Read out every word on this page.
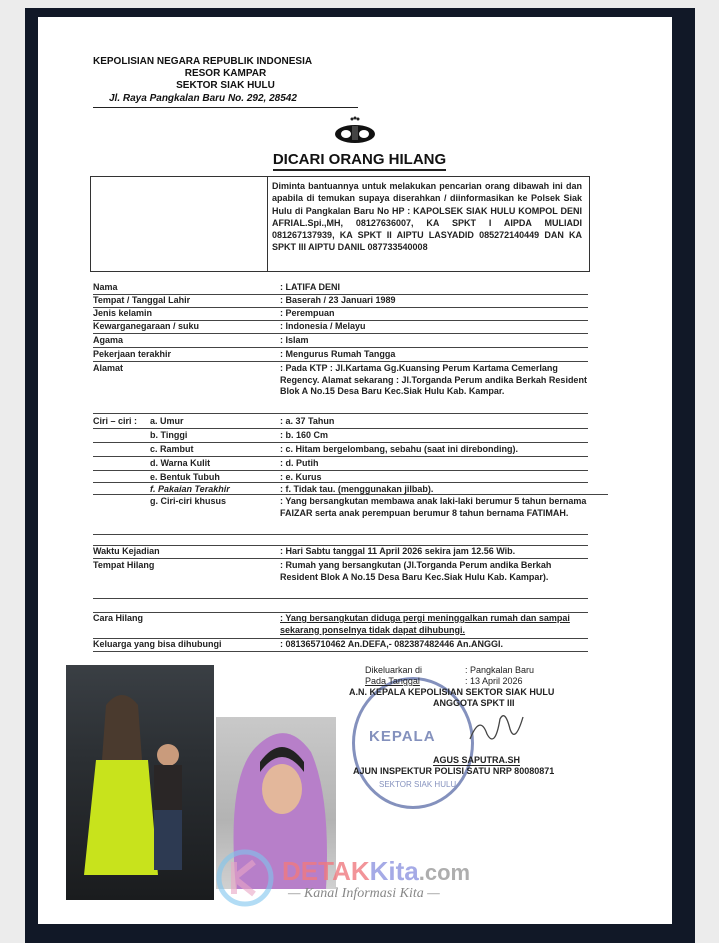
KEPOLISIAN NEGARA REPUBLIK INDONESIA
RESOR KAMPAR
SEKTOR SIAK HULU
Jl. Raya Pangkalan Baru No. 292, 28542
DICARI ORANG HILANG
Diminta bantuannya untuk melakukan pencarian orang dibawah ini dan apabila di temukan supaya diserahkan / diinformasikan ke Polsek Siak Hulu di Pangkalan Baru No HP : KAPOLSEK SIAK HULU KOMPOL DENI AFRIAL.Spi.,MH, 08127636007, KA SPKT I AIPDA MULIADI 081267137939, KA SPKT II AIPTU LASYADID 085272140449 DAN KA SPKT III AIPTU DANIL 087733540008
Nama	: LATIFA DENI
Tempat / Tanggal Lahir	: Baserah / 23 Januari 1989
Jenis kelamin	: Perempuan
Kewarganegaraan / suku	: Indonesia / Melayu
Agama	: Islam
Pekerjaan terakhir	: Mengurus Rumah Tangga
Alamat	: Pada KTP : Jl.Kartama Gg.Kuansing Perum Kartama Cemerlang Regency. Alamat sekarang : Jl.Torganda Perum andika Berkah Resident Blok A No.15 Desa Baru Kec.Siak Hulu Kab. Kampar.
Ciri – ciri : a. Umur	: a. 37 Tahun
b. Tinggi	: b. 160 Cm
c. Rambut	: c. Hitam bergelombang, sebahu (saat ini direbonding).
d. Warna Kulit	: d. Putih
e. Bentuk Tubuh	: e. Kurus
f. Pakaian Terakhir	: f. Tidak tau. (menggunakan jilbab).
g. Ciri-ciri khusus	: Yang bersangkutan membawa anak laki-laki berumur 5 tahun bernama FAIZAR serta anak perempuan berumur 8 tahun bernama FATIMAH.
Waktu Kejadian	: Hari Sabtu tanggal 11 April 2026 sekira jam 12.56 Wib.
Tempat Hilang	: Rumah yang bersangkutan (Jl.Torganda Perum andika Berkah Resident Blok A No.15 Desa Baru Kec.Siak Hulu Kab. Kampar).
Cara Hilang	: Yang bersangkutan diduga pergi meninggalkan rumah dan sampai sekarang ponselnya tidak dapat dihubungi.
Keluarga yang bisa dihubungi	: 081365710462 An.DEFA,- 082387482446 An.ANGGI.
KEPALA
SEKTOR SIAK HULU
Dikeluarkan di	: Pangkalan Baru
Pada Tanggal	: 13 April 2026
A.N. KEPALA KEPOLISIAN SEKTOR SIAK HULU
ANGGOTA SPKT III
AGUS SAPUTRA.SH
AJUN INSPEKTUR POLISI SATU NRP 80080871
DETAKKita.com
— Kanal Informasi Kita —
